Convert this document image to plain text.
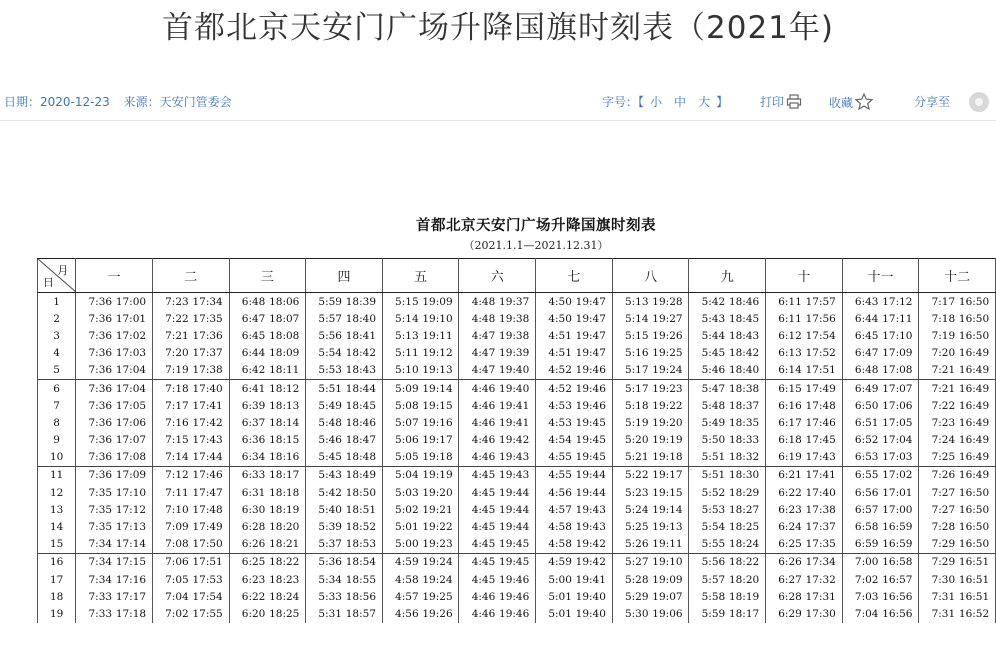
首都北京天安门广场升降国旗时刻表（2021年)
日期：2020-12-23 来源：天安门管委会	字号：【 小 中 大 】	打印	收藏	分享至
首都北京天安门广场升降国旗时刻表
（2021.1.1—2021.12.31）
月
日	一	二	三	四	五	六	七	八	九	十	十一	十二
1	7:36 17:00	7:23 17:34	6:48 18:06	5:59 18:39	5:15 19:09	4:48 19:37	4:50 19:47	5:13 19:28	5:42 18:46	6:11 17:57	6:43 17:12	7:17 16:50
2	7:36 17:01	7:22 17:35	6:47 18:07	5:57 18:40	5:14 19:10	4:48 19:38	4:50 19:47	5:14 19:27	5:43 18:45	6:11 17:56	6:44 17:11	7:18 16:50
3	7:36 17:02	7:21 17:36	6:45 18:08	5:56 18:41	5:13 19:11	4:47 19:38	4:51 19:47	5:15 19:26	5:44 18:43	6:12 17:54	6:45 17:10	7:19 16:50
4	7:36 17:03	7:20 17:37	6:44 18:09	5:54 18:42	5:11 19:12	4:47 19:39	4:51 19:47	5:16 19:25	5:45 18:42	6:13 17:52	6:47 17:09	7:20 16:49
5	7:36 17:04	7:19 17:38	6:42 18:11	5:53 18:43	5:10 19:13	4:47 19:40	4:52 19:46	5:17 19:24	5:46 18:40	6:14 17:51	6:48 17:08	7:21 16:49
6	7:36 17:04	7:18 17:40	6:41 18:12	5:51 18:44	5:09 19:14	4:46 19:40	4:52 19:46	5:17 19:23	5:47 18:38	6:15 17:49	6:49 17:07	7:21 16:49
7	7:36 17:05	7:17 17:41	6:39 18:13	5:49 18:45	5:08 19:15	4:46 19:41	4:53 19:46	5:18 19:22	5:48 18:37	6:16 17:48	6:50 17:06	7:22 16:49
8	7:36 17:06	7:16 17:42	6:37 18:14	5:48 18:46	5:07 19:16	4:46 19:41	4:53 19:45	5:19 19:20	5:49 18:35	6:17 17:46	6:51 17:05	7:23 16:49
9	7:36 17:07	7:15 17:43	6:36 18:15	5:46 18:47	5:06 19:17	4:46 19:42	4:54 19:45	5:20 19:19	5:50 18:33	6:18 17:45	6:52 17:04	7:24 16:49
10	7:36 17:08	7:14 17:44	6:34 18:16	5:45 18:48	5:05 19:18	4:46 19:43	4:55 19:45	5:21 19:18	5:51 18:32	6:19 17:43	6:53 17:03	7:25 16:49
11	7:36 17:09	7:12 17:46	6:33 18:17	5:43 18:49	5:04 19:19	4:45 19:43	4:55 19:44	5:22 19:17	5:51 18:30	6:21 17:41	6:55 17:02	7:26 16:49
12	7:35 17:10	7:11 17:47	6:31 18:18	5:42 18:50	5:03 19:20	4:45 19:44	4:56 19:44	5:23 19:15	5:52 18:29	6:22 17:40	6:56 17:01	7:27 16:50
13	7:35 17:12	7:10 17:48	6:30 18:19	5:40 18:51	5:02 19:21	4:45 19:44	4:57 19:43	5:24 19:14	5:53 18:27	6:23 17:38	6:57 17:00	7:27 16:50
14	7:35 17:13	7:09 17:49	6:28 18:20	5:39 18:52	5:01 19:22	4:45 19:44	4:58 19:43	5:25 19:13	5:54 18:25	6:24 17:37	6:58 16:59	7:28 16:50
15	7:34 17:14	7:08 17:50	6:26 18:21	5:37 18:53	5:00 19:23	4:45 19:45	4:58 19:42	5:26 19:11	5:55 18:24	6:25 17:35	6:59 16:59	7:29 16:50
16	7:34 17:15	7:06 17:51	6:25 18:22	5:36 18:54	4:59 19:24	4:45 19:45	4:59 19:42	5:27 19:10	5:56 18:22	6:26 17:34	7:00 16:58	7:29 16:51
17	7:34 17:16	7:05 17:53	6:23 18:23	5:34 18:55	4:58 19:24	4:45 19:46	5:00 19:41	5:28 19:09	5:57 18:20	6:27 17:32	7:02 16:57	7:30 16:51
18	7:33 17:17	7:04 17:54	6:22 18:24	5:33 18:56	4:57 19:25	4:46 19:46	5:01 19:40	5:29 19:07	5:58 18:19	6:28 17:31	7:03 16:56	7:31 16:51
19	7:33 17:18	7:02 17:55	6:20 18:25	5:31 18:57	4:56 19:26	4:46 19:46	5:01 19:40	5:30 19:06	5:59 18:17	6:29 17:30	7:04 16:56	7:31 16:52
